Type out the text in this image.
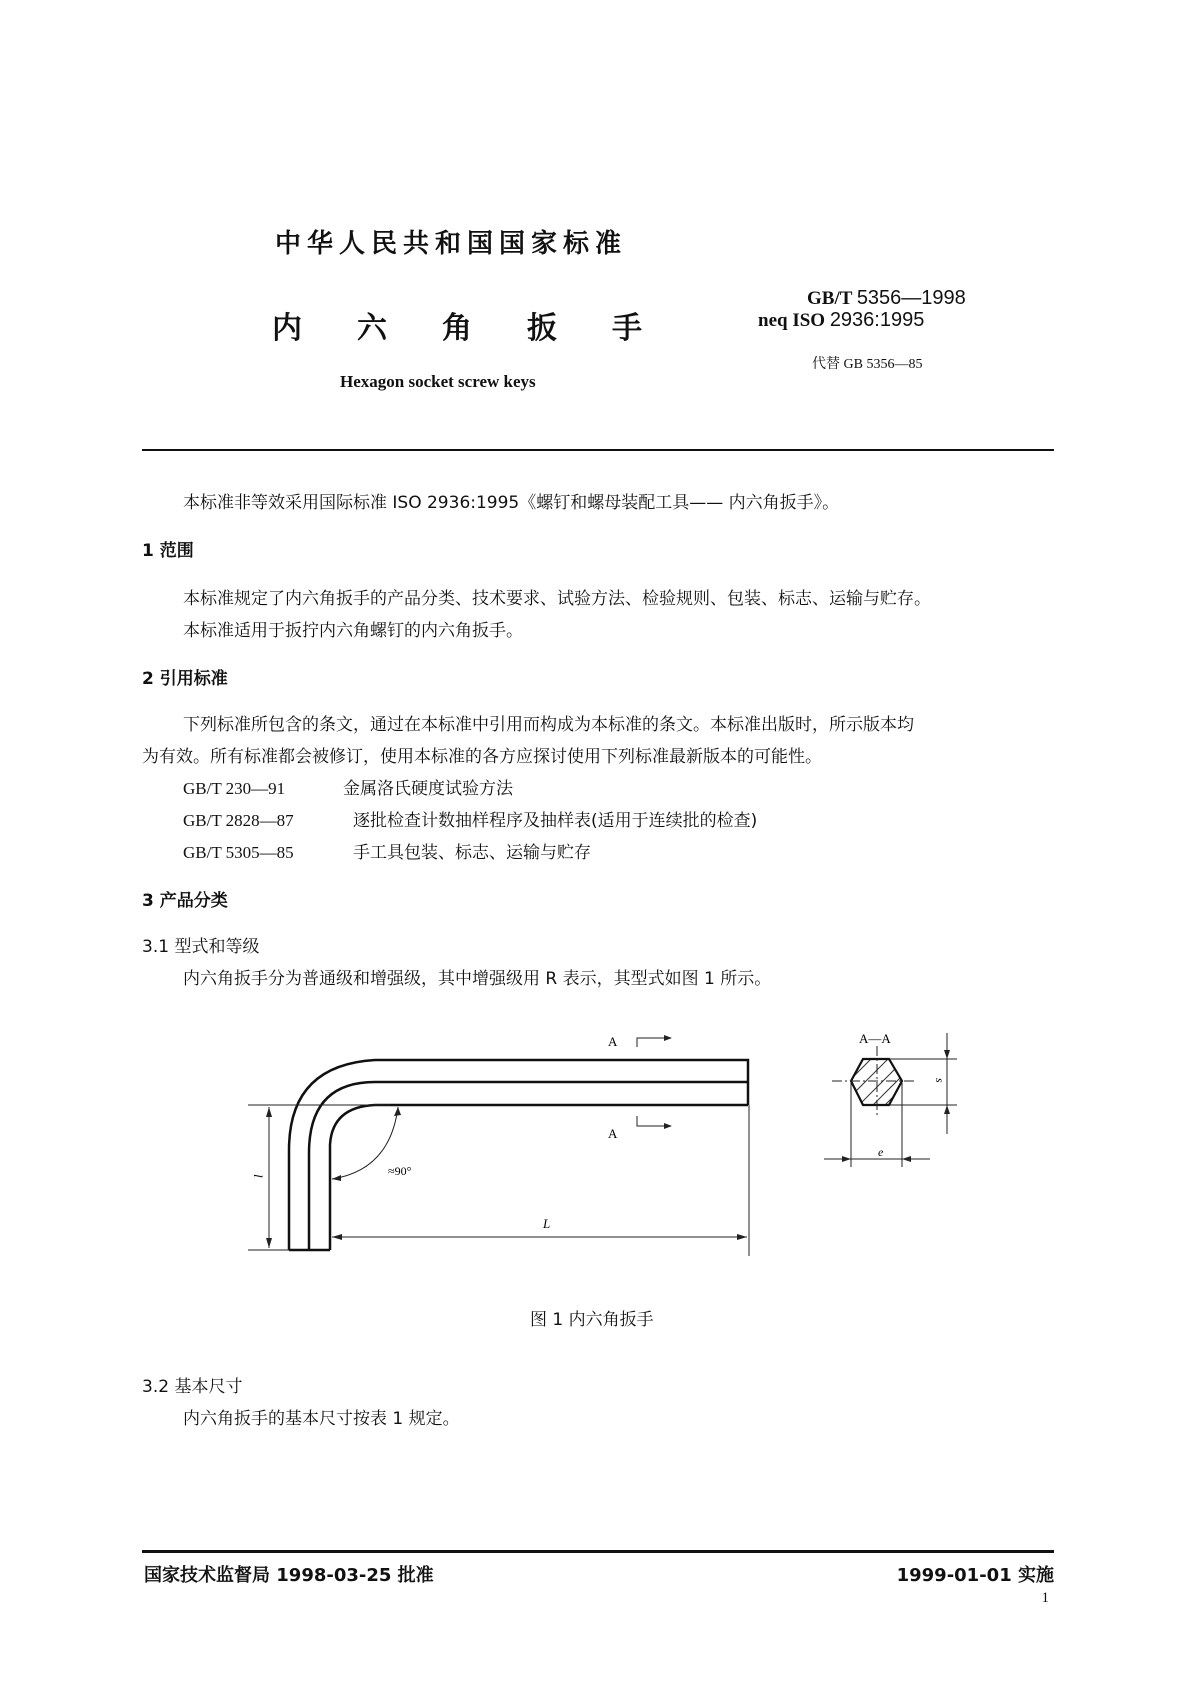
中华人民共和国国家标准
内 六 角 扳 手
Hexagon socket screw keys
GB/T 5356—1998
neq ISO 2936:1995
代替 GB 5356—85
本标准非等效采用国际标准 ISO 2936:1995《螺钉和螺母装配工具—— 内六角扳手》。
1 范围
本标准规定了内六角扳手的产品分类、技术要求、试验方法、检验规则、包装、标志、运输与贮存。
本标准适用于扳拧内六角螺钉的内六角扳手。
2 引用标准
下列标准所包含的条文，通过在本标准中引用而构成为本标准的条文。本标准出版时，所示版本均
为有效。所有标准都会被修订，使用本标准的各方应探讨使用下列标准最新版本的可能性。
GB/T 230—91	金属洛氏硬度试验方法
GB/T 2828—87	逐批检查计数抽样程序及抽样表(适用于连续批的检查)
GB/T 5305—85	手工具包装、标志、运输与贮存
3 产品分类
3.1 型式和等级
内六角扳手分为普通级和增强级，其中增强级用 R 表示，其型式如图 1 所示。
A
A
≈90°
L
l
A—A
s
e
图 1 内六角扳手
3.2 基本尺寸
内六角扳手的基本尺寸按表 1 规定。
国家技术监督局 1998-03-25 批准	1999-01-01 实施
1
